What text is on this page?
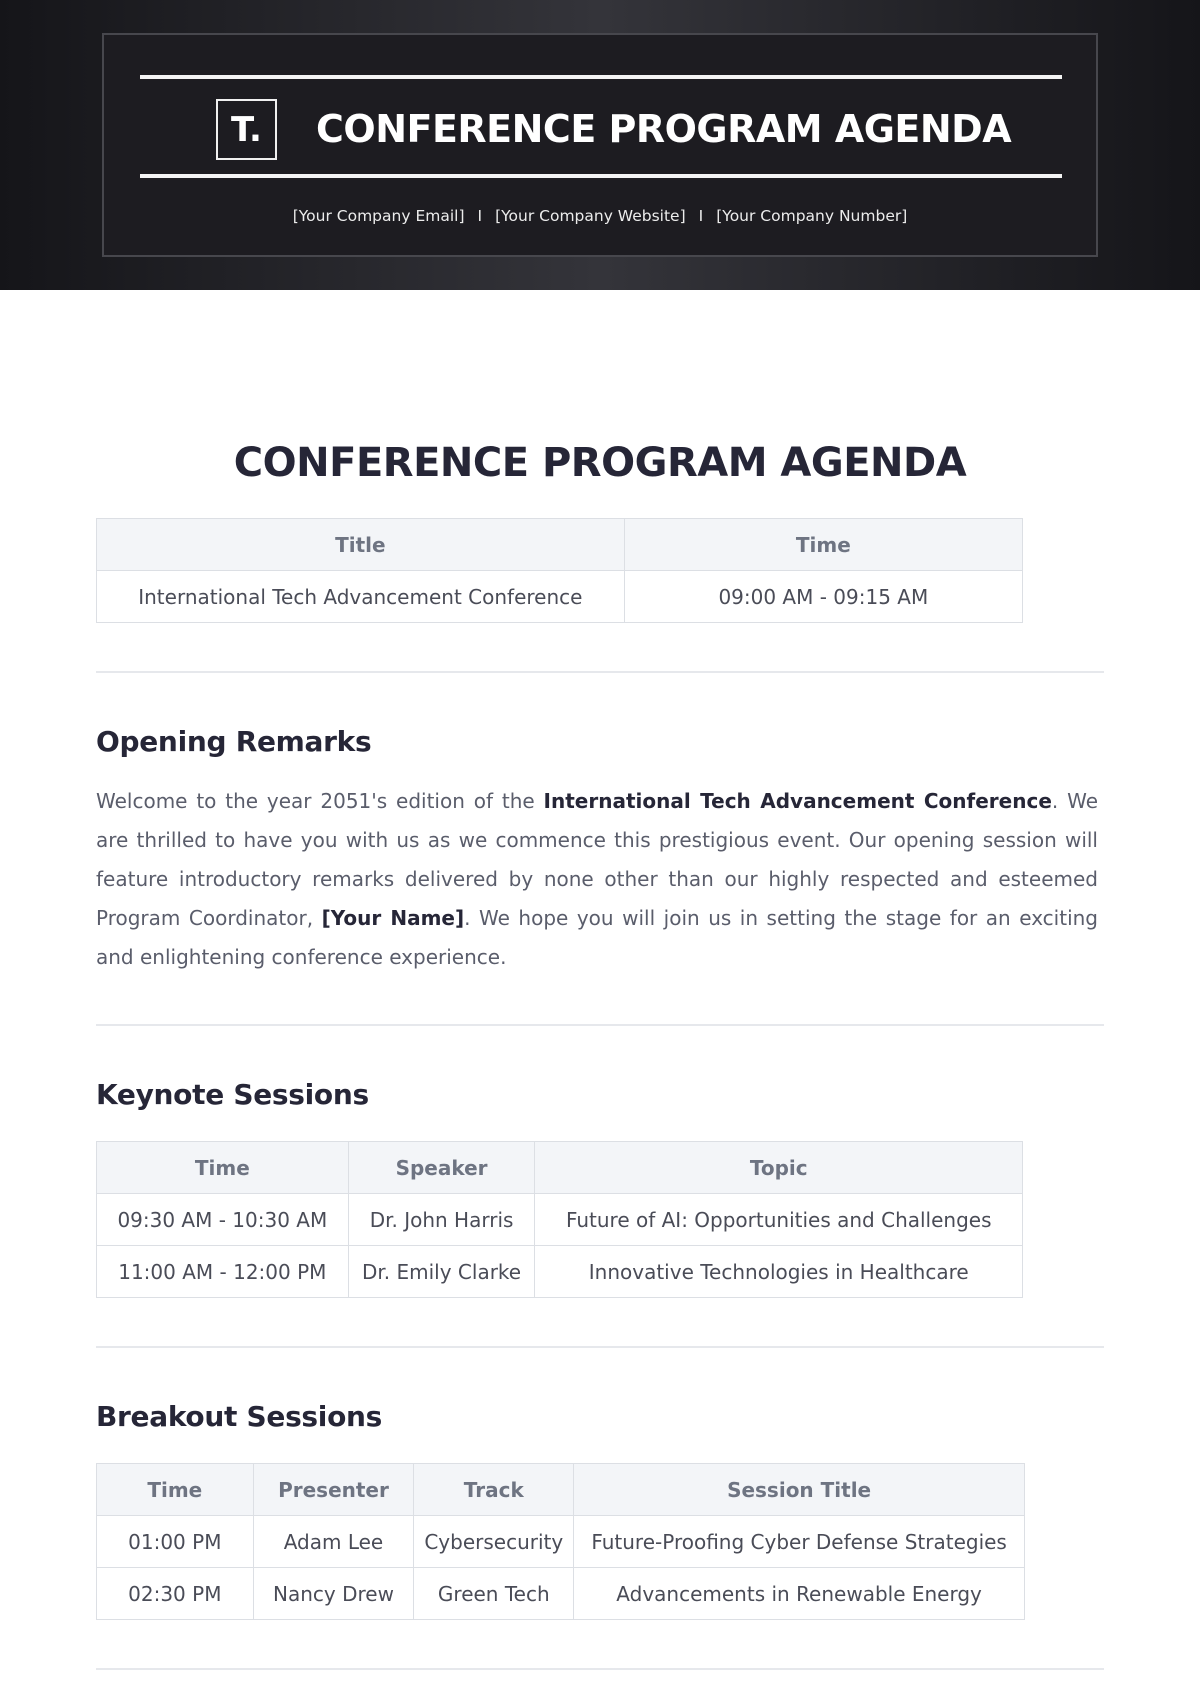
T.	CONFERENCE PROGRAM AGENDA
[Your Company Email] I [Your Company Website] I [Your Company Number]
CONFERENCE PROGRAM AGENDA
Title	Time
International Tech Advancement Conference	09:00 AM - 09:15 AM
Opening Remarks

Welcome to the year 2051's edition of the International Tech Advancement Conference. We are thrilled to have you with us as we commence this prestigious event. Our opening session will feature introductory remarks delivered by none other than our highly respected and esteemed Program Coordinator, [Your Name]. We hope you will join us in setting the stage for an exciting and enlightening conference experience.

Keynote Sessions
Time	Speaker	Topic
09:30 AM - 10:30 AM	Dr. John Harris	Future of AI: Opportunities and Challenges
11:00 AM - 12:00 PM	Dr. Emily Clarke	Innovative Technologies in Healthcare
Breakout Sessions
Time	Presenter	Track	Session Title
01:00 PM	Adam Lee	Cybersecurity	Future-Proofing Cyber Defense Strategies
02:30 PM	Nancy Drew	Green Tech	Advancements in Renewable Energy
